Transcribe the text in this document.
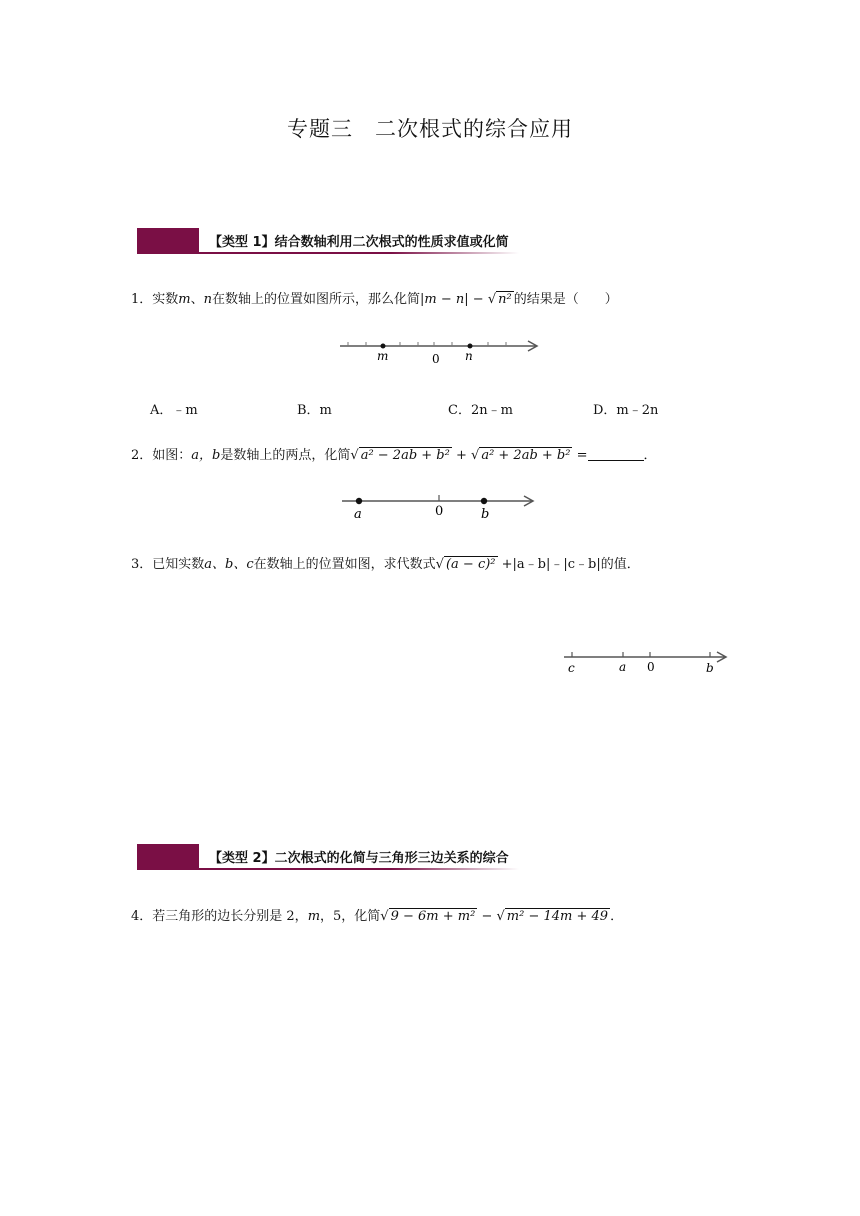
专题三　二次根式的综合应用
【类型 1】结合数轴利用二次根式的性质求值或化简
1．实数m、n在数轴上的位置如图所示，那么化简|m − n| − √ n² 的结果是（　　）
m	0 n
A．﹣m	B．m	C．2n﹣m	D．m﹣2n
2．如图：a，b是数轴上的两点，化简√ a² − 2ab + b² + √ a² + 2ab + b² =	．
a	0	b
3．已知实数a、b、c在数轴上的位置如图，求代数式√ (a − c)² +|a﹣b|﹣|c﹣b|的值．
c	a 0	b
【类型 2】二次根式的化简与三角形三边关系的综合
4．若三角形的边长分别是 2，m，5，化简√ 9 − 6m + m² − √ m² − 14m + 49 ．
